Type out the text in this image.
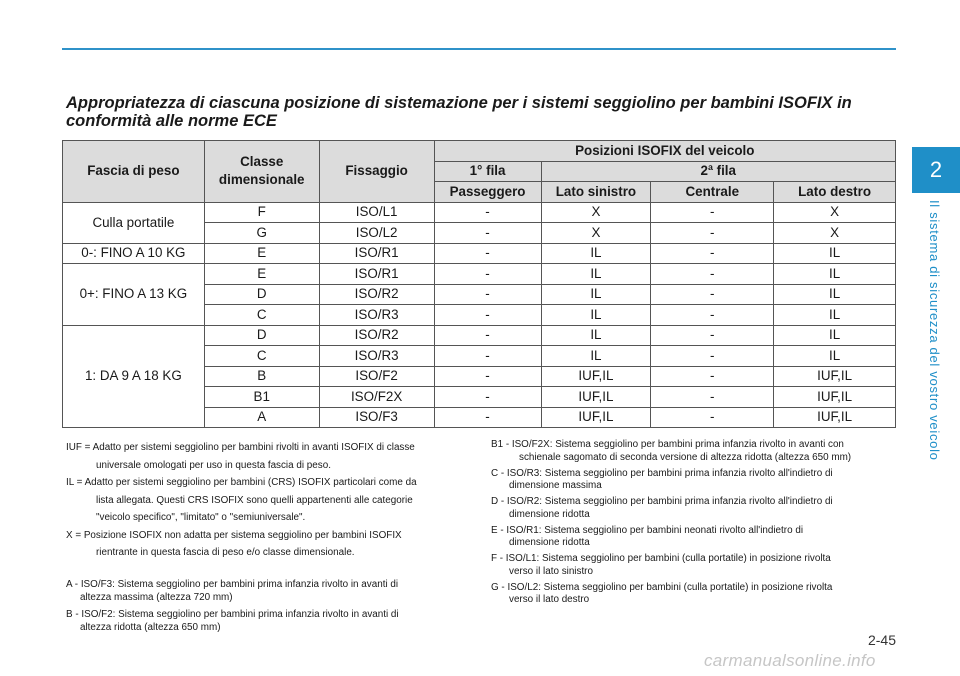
2
Il sistema di sicurezza del vostro veicolo
Appropriatezza di ciascuna posizione di sistemazione per i sistemi seggiolino per bambini ISOFIX in
conformità alle norme ECE
Fascia di peso	Classe dimensionale	Fissaggio	Posizioni ISOFIX del veicolo			
			1° fila	2ª fila		
			Passeggero	Lato sinistro	Centrale	Lato destro
Culla portatile	F	ISO/L1	-	X	-	X
	G	ISO/L2	-	X	-	X
0-: FINO A 10 KG	E	ISO/R1	-	IL	-	IL
0+: FINO A 13 KG	E	ISO/R1	-	IL	-	IL
	D	ISO/R2	-	IL	-	IL
	C	ISO/R3	-	IL	-	IL
1: DA 9 A 18 KG	D	ISO/R2	-	IL	-	IL
	C	ISO/R3	-	IL	-	IL
	B	ISO/F2	-	IUF,IL	-	IUF,IL
	B1	ISO/F2X	-	IUF,IL	-	IUF,IL
	A	ISO/F3	-	IUF,IL	-	IUF,IL

IUF = Adatto per sistemi seggiolino per bambini rivolti in avanti ISOFIX di classe

universale omologati per uso in questa fascia di peso.

IL = Adatto per sistemi seggiolino per bambini (CRS) ISOFIX particolari come da

lista allegata. Questi CRS ISOFIX sono quelli appartenenti alle categorie

"veicolo specifico", "limitato" o "semiuniversale".

X = Posizione ISOFIX non adatta per sistema seggiolino per bambini ISOFIX

rientrante in questa fascia di peso e/o classe dimensionale.

A - ISO/F3: Sistema seggiolino per bambini prima infanzia rivolto in avanti di

altezza massima (altezza 720 mm)

B - ISO/F2: Sistema seggiolino per bambini prima infanzia rivolto in avanti di

altezza ridotta (altezza 650 mm)

B1 - ISO/F2X: Sistema seggiolino per bambini prima infanzia rivolto in avanti con
schienale sagomato di seconda versione di altezza ridotta (altezza 650 mm)

C - ISO/R3: Sistema seggiolino per bambini prima infanzia rivolto all'indietro di
dimensione massima

D - ISO/R2: Sistema seggiolino per bambini prima infanzia rivolto all'indietro di
dimensione ridotta

E - ISO/R1: Sistema seggiolino per bambini neonati rivolto all'indietro di
dimensione ridotta

F - ISO/L1: Sistema seggiolino per bambini (culla portatile) in posizione rivolta
verso il lato sinistro

G - ISO/L2: Sistema seggiolino per bambini (culla portatile) in posizione rivolta
verso il lato destro

2-45
carmanualsonline.info
